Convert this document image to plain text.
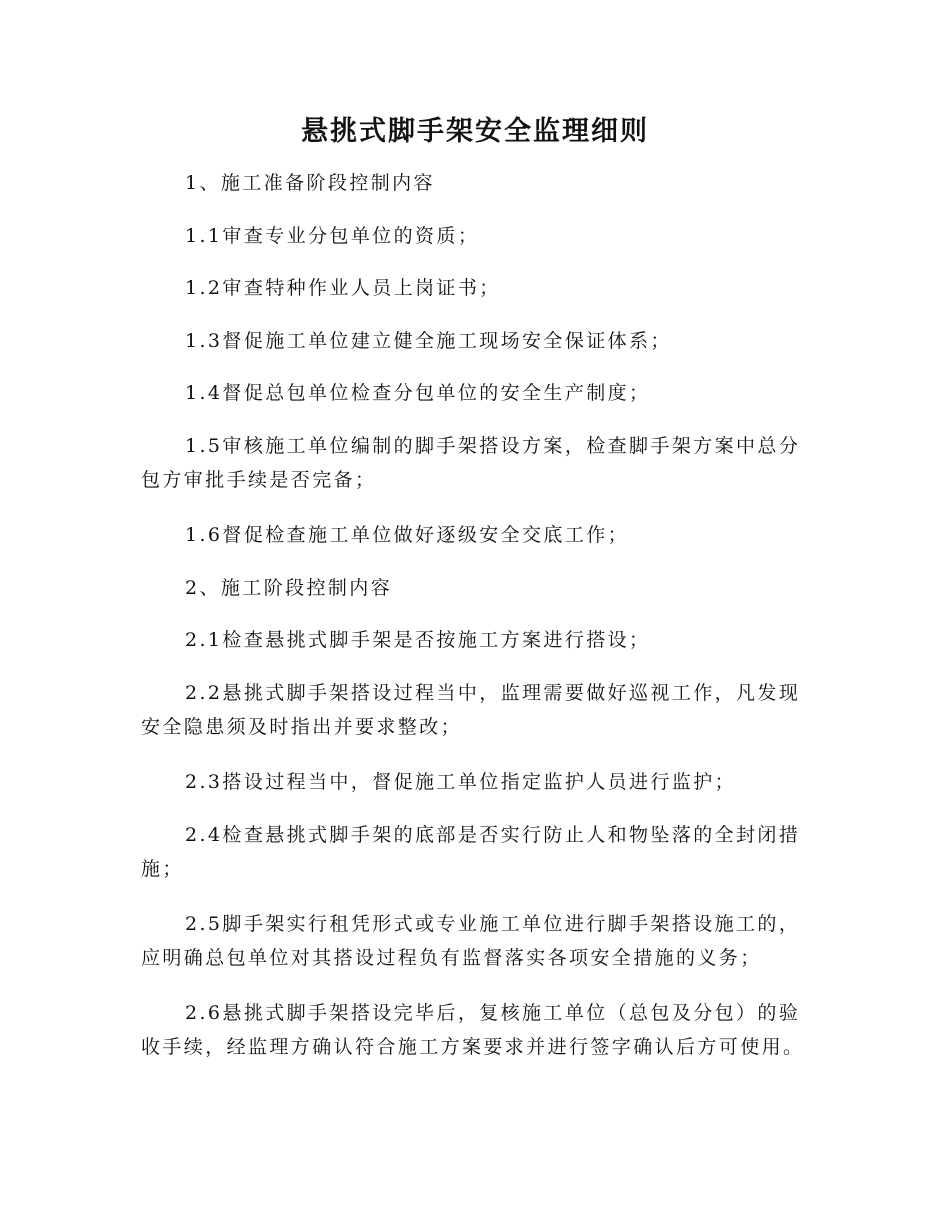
悬挑式脚手架安全监理细则

1、施工准备阶段控制内容

1.1审查专业分包单位的资质；

1.2审查特种作业人员上岗证书；

1.3督促施工单位建立健全施工现场安全保证体系；

1.4督促总包单位检查分包单位的安全生产制度；

1.5审核施工单位编制的脚手架搭设方案，检查脚手架方案中总分包方审批手续是否完备；

1.6督促检查施工单位做好逐级安全交底工作；

2、施工阶段控制内容

2.1检查悬挑式脚手架是否按施工方案进行搭设；

2.2悬挑式脚手架搭设过程当中，监理需要做好巡视工作，凡发现安全隐患须及时指出并要求整改；

2.3搭设过程当中，督促施工单位指定监护人员进行监护；

2.4检查悬挑式脚手架的底部是否实行防止人和物坠落的全封闭措施；

2.5脚手架实行租凭形式或专业施工单位进行脚手架搭设施工的，应明确总包单位对其搭设过程负有监督落实各项安全措施的义务；

2.6悬挑式脚手架搭设完毕后，复核施工单位（总包及分包）的验收手续，经监理方确认符合施工方案要求并进行签字确认后方可使用。
